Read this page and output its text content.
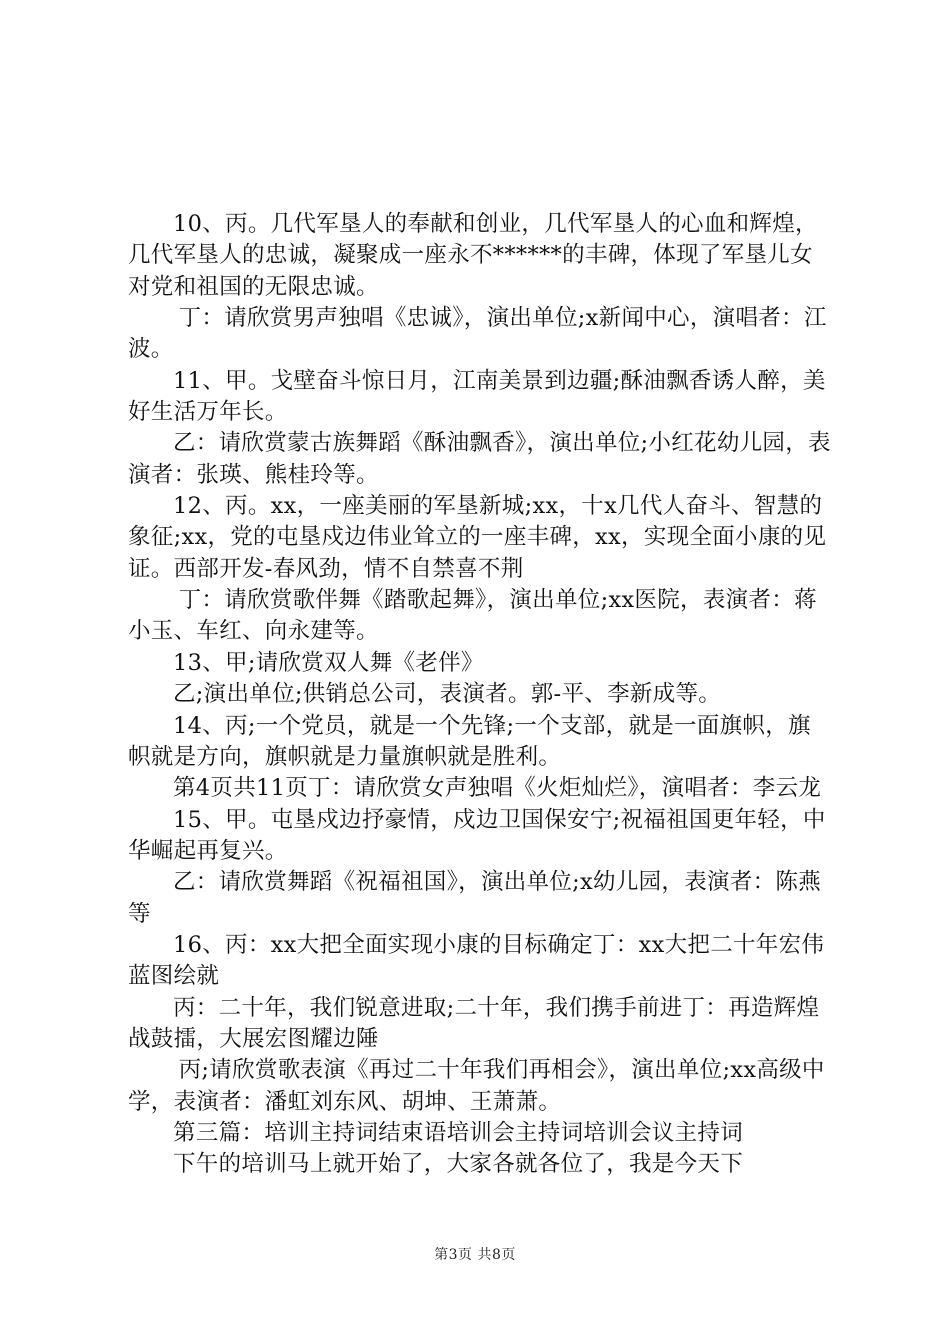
10、丙。几代军垦人的奉献和创业，几代军垦人的心血和辉煌，几代军垦人的忠诚，凝聚成一座永不******的丰碑，体现了军垦儿女对党和祖国的无限忠诚。

丁：请欣赏男声独唱《忠诚》，演出单位;x新闻中心，演唱者：江波。

11、甲。戈壁奋斗惊日月，江南美景到边疆;酥油飘香诱人醉，美好生活万年长。

乙：请欣赏蒙古族舞蹈《酥油飘香》，演出单位;小红花幼儿园，表演者：张瑛、熊桂玲等。

12、丙。xx，一座美丽的军垦新城;xx，十x几代人奋斗、智慧的象征;xx，党的屯垦戍边伟业耸立的一座丰碑，xx，实现全面小康的见证。西部开发-春风劲，情不自禁喜不荆

丁：请欣赏歌伴舞《踏歌起舞》，演出单位;xx医院，表演者：蒋小玉、车红、向永建等。

13、甲;请欣赏双人舞《老伴》

乙;演出单位;供销总公司，表演者。郭-平、李新成等。

14、丙;一个党员，就是一个先锋;一个支部，就是一面旗帜，旗帜就是方向，旗帜就是力量旗帜就是胜利。

第4页共11页丁：请欣赏女声独唱《火炬灿烂》，演唱者：李云龙

15、甲。屯垦戍边抒豪情，戍边卫国保安宁;祝福祖国更年轻，中华崛起再复兴。

乙：请欣赏舞蹈《祝福祖国》，演出单位;x幼儿园，表演者：陈燕等

16、丙：xx大把全面实现小康的目标确定丁：xx大把二十年宏伟蓝图绘就

丙：二十年，我们锐意进取;二十年，我们携手前进丁：再造辉煌战鼓擂，大展宏图耀边陲

丙;请欣赏歌表演《再过二十年我们再相会》，演出单位;xx高级中学，表演者：潘虹刘东风、胡坤、王萧萧。

第三篇：培训主持词结束语培训会主持词培训会议主持词

下午的培训马上就开始了，大家各就各位了，我是今天下

第3页 共8页
